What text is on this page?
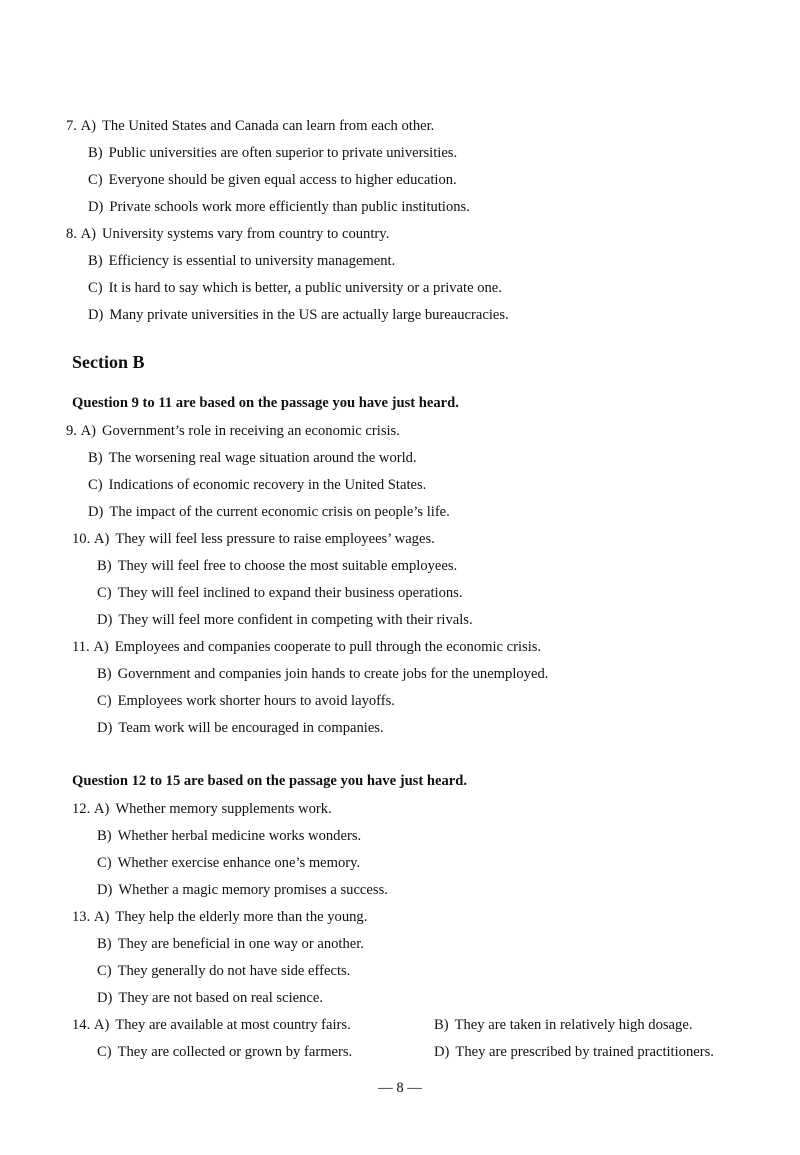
7. A) The United States and Canada can learn from each other.
B) Public universities are often superior to private universities.
C) Everyone should be given equal access to higher education.
D) Private schools work more efficiently than public institutions.
8. A) University systems vary from country to country.
B) Efficiency is essential to university management.
C) It is hard to say which is better, a public university or a private one.
D) Many private universities in the US are actually large bureaucracies.
Section B
Question 9 to 11 are based on the passage you have just heard.
9. A) Government’s role in receiving an economic crisis.
B) The worsening real wage situation around the world.
C) Indications of economic recovery in the United States.
D) The impact of the current economic crisis on people’s life.
10. A) They will feel less pressure to raise employees’ wages.
B) They will feel free to choose the most suitable employees.
C) They will feel inclined to expand their business operations.
D) They will feel more confident in competing with their rivals.
11. A) Employees and companies cooperate to pull through the economic crisis.
B) Government and companies join hands to create jobs for the unemployed.
C) Employees work shorter hours to avoid layoffs.
D) Team work will be encouraged in companies.
Question 12 to 15 are based on the passage you have just heard.
12. A) Whether memory supplements work.
B) Whether herbal medicine works wonders.
C) Whether exercise enhance one’s memory.
D) Whether a magic memory promises a success.
13. A) They help the elderly more than the young.
B) They are beneficial in one way or another.
C) They generally do not have side effects.
D) They are not based on real science.
14. A) They are available at most country fairs.	B) They are taken in relatively high dosage.
C) They are collected or grown by farmers.	D) They are prescribed by trained practitioners.
— 8 —
